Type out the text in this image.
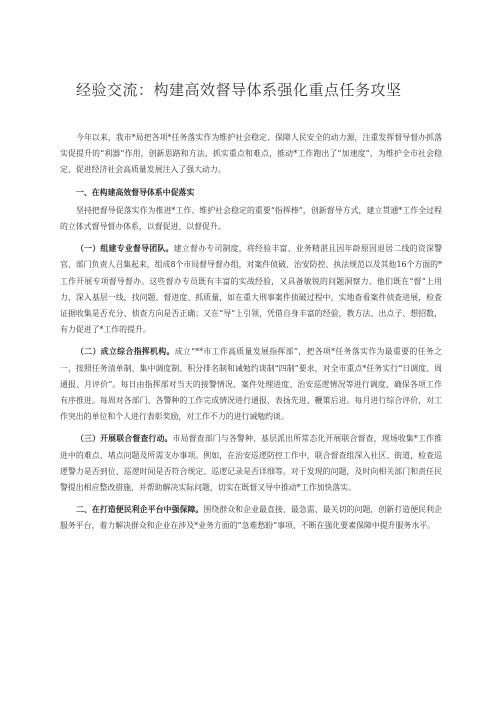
经验交流：构建高效督导体系强化重点任务攻坚

今年以来，我市*局把各项*任务落实作为维护社会稳定、保障人民安全的动力源，注重发挥督导督办抓落实促提升的“利器”作用，创新思路和方法，抓实重点和难点，推动*工作跑出了“加速度”，为维护全市社会稳定、促进经济社会高质量发展注入了强大动力。

一、在构建高效督导体系中促落实

坚持把督导促落实作为推进*工作、维护社会稳定的重要“指挥棒”，创新督导方式，建立贯通*工作全过程的立体式督导督办体系，以督促进、以督促升。

（一）组建专业督导团队。建立督办专司制度，将经验丰富、业务精湛且因年龄原因退居二线的资深警官、部门负责人召集起来，组成8个市局督导督办组，对案件侦破、治安防控、执法规范以及其他16个方面的*工作开展专项督导督办。这些督办专员既有丰富的实战经验，又具备敏锐的问题洞察力。他们既在“督”上用力，深入基层一线，找问题、督进度、抓质量，如在重大刑事案件侦破过程中，实地查看案件侦查进展，检查证据收集是否充分、侦查方向是否正确；又在“导”上引领，凭借自身丰富的经验，教方法、出点子、想招数，有力促进了*工作的提升。

（二）成立综合指挥机构。成立“**市工作高质量发展指挥部”，把各项*任务落实作为最重要的任务之一，按照任务清单制、集中调度制、积分排名制和诫勉约谈制“四制”要求，对全市重点*任务实行“日调度、周通报、月评价”。每日由指挥部对当天的接警情况、案件处理进度、治安巡逻情况等进行调度，确保各项工作有序推进。每周对各部门、各警种的工作完成情况进行通报，表扬先进、鞭策后进。每月进行综合评价，对工作突出的单位和个人进行表彰奖励，对工作不力的进行诫勉约谈。

（三）开展联合督查行动。市局督查部门与各警种、基层派出所常态化开展联合督查，现场收集*工作推进中的难点、堵点问题及所需支办事项。例如，在治安巡逻防控工作中，联合督查组深入社区、街道，检查巡逻警力是否到位、巡逻时间是否符合规定、巡逻记录是否详细等。对于发现的问题，及时向相关部门和责任民警提出相应整改措施，并帮助解决实际问题，切实在既督又导中推动*工作加快落实。

二、在打造便民利企平台中强保障。围绕群众和企业最直接、最急需、最关切的问题，创新打造便民利企服务平台，着力解决群众和企业在涉及*业务方面的“急难愁盼”事项，不断在强化要素保障中提升服务水平。
